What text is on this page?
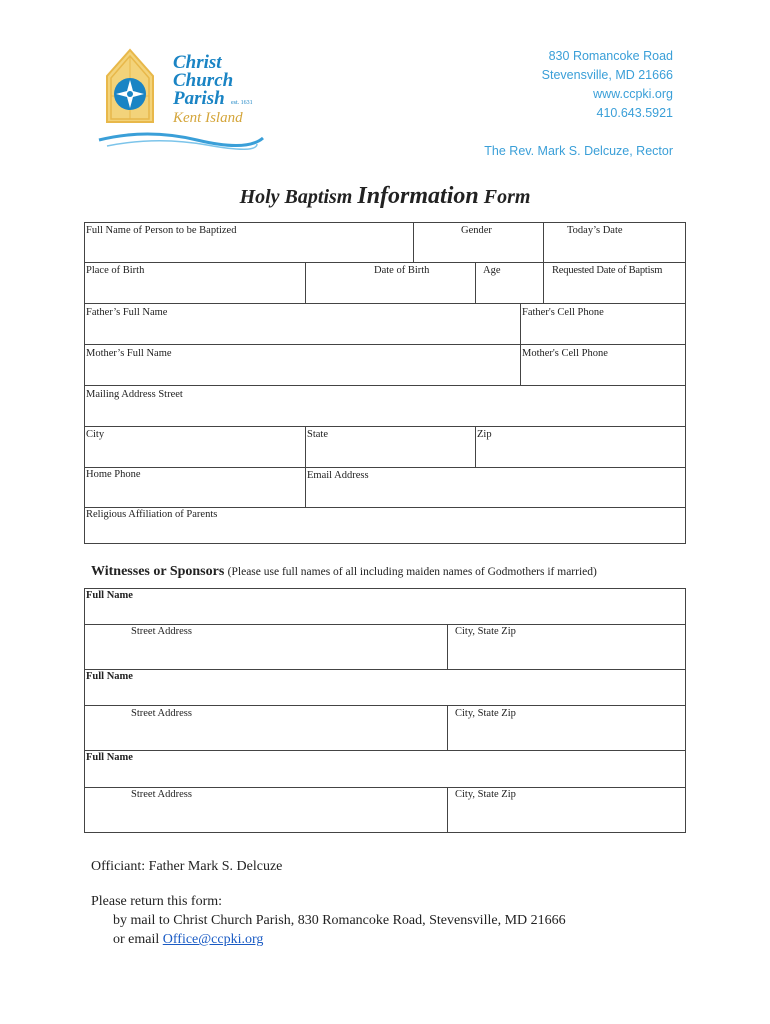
Christ
Church
Parish	est. 1631
Kent Island
830 Romancoke Road
Stevensville, MD 21666
www.ccpki.org
410.643.5921
The Rev. Mark S. Delcuze, Rector
Holy Baptism Information Form
Full Name of Person to be Baptized	Gender	Today’s Date
Place of Birth	Date of Birth	Age	Requested Date of Baptism
Father’s Full Name	Father's Cell Phone
Mother’s Full Name	Mother's Cell Phone
Mailing Address Street
City	State	Zip
Home Phone	Email Address
Religious Affiliation of Parents
Witnesses or Sponsors (Please use full names of all including maiden names of Godmothers if married)
Full Name
Street Address	City, State Zip
Full Name
Street Address	City, State Zip
Full Name
Street Address	City, State Zip
Officiant: Father Mark S. Delcuze
Please return this form:
by mail to Christ Church Parish, 830 Romancoke Road, Stevensville, MD 21666
or email Office@ccpki.org
